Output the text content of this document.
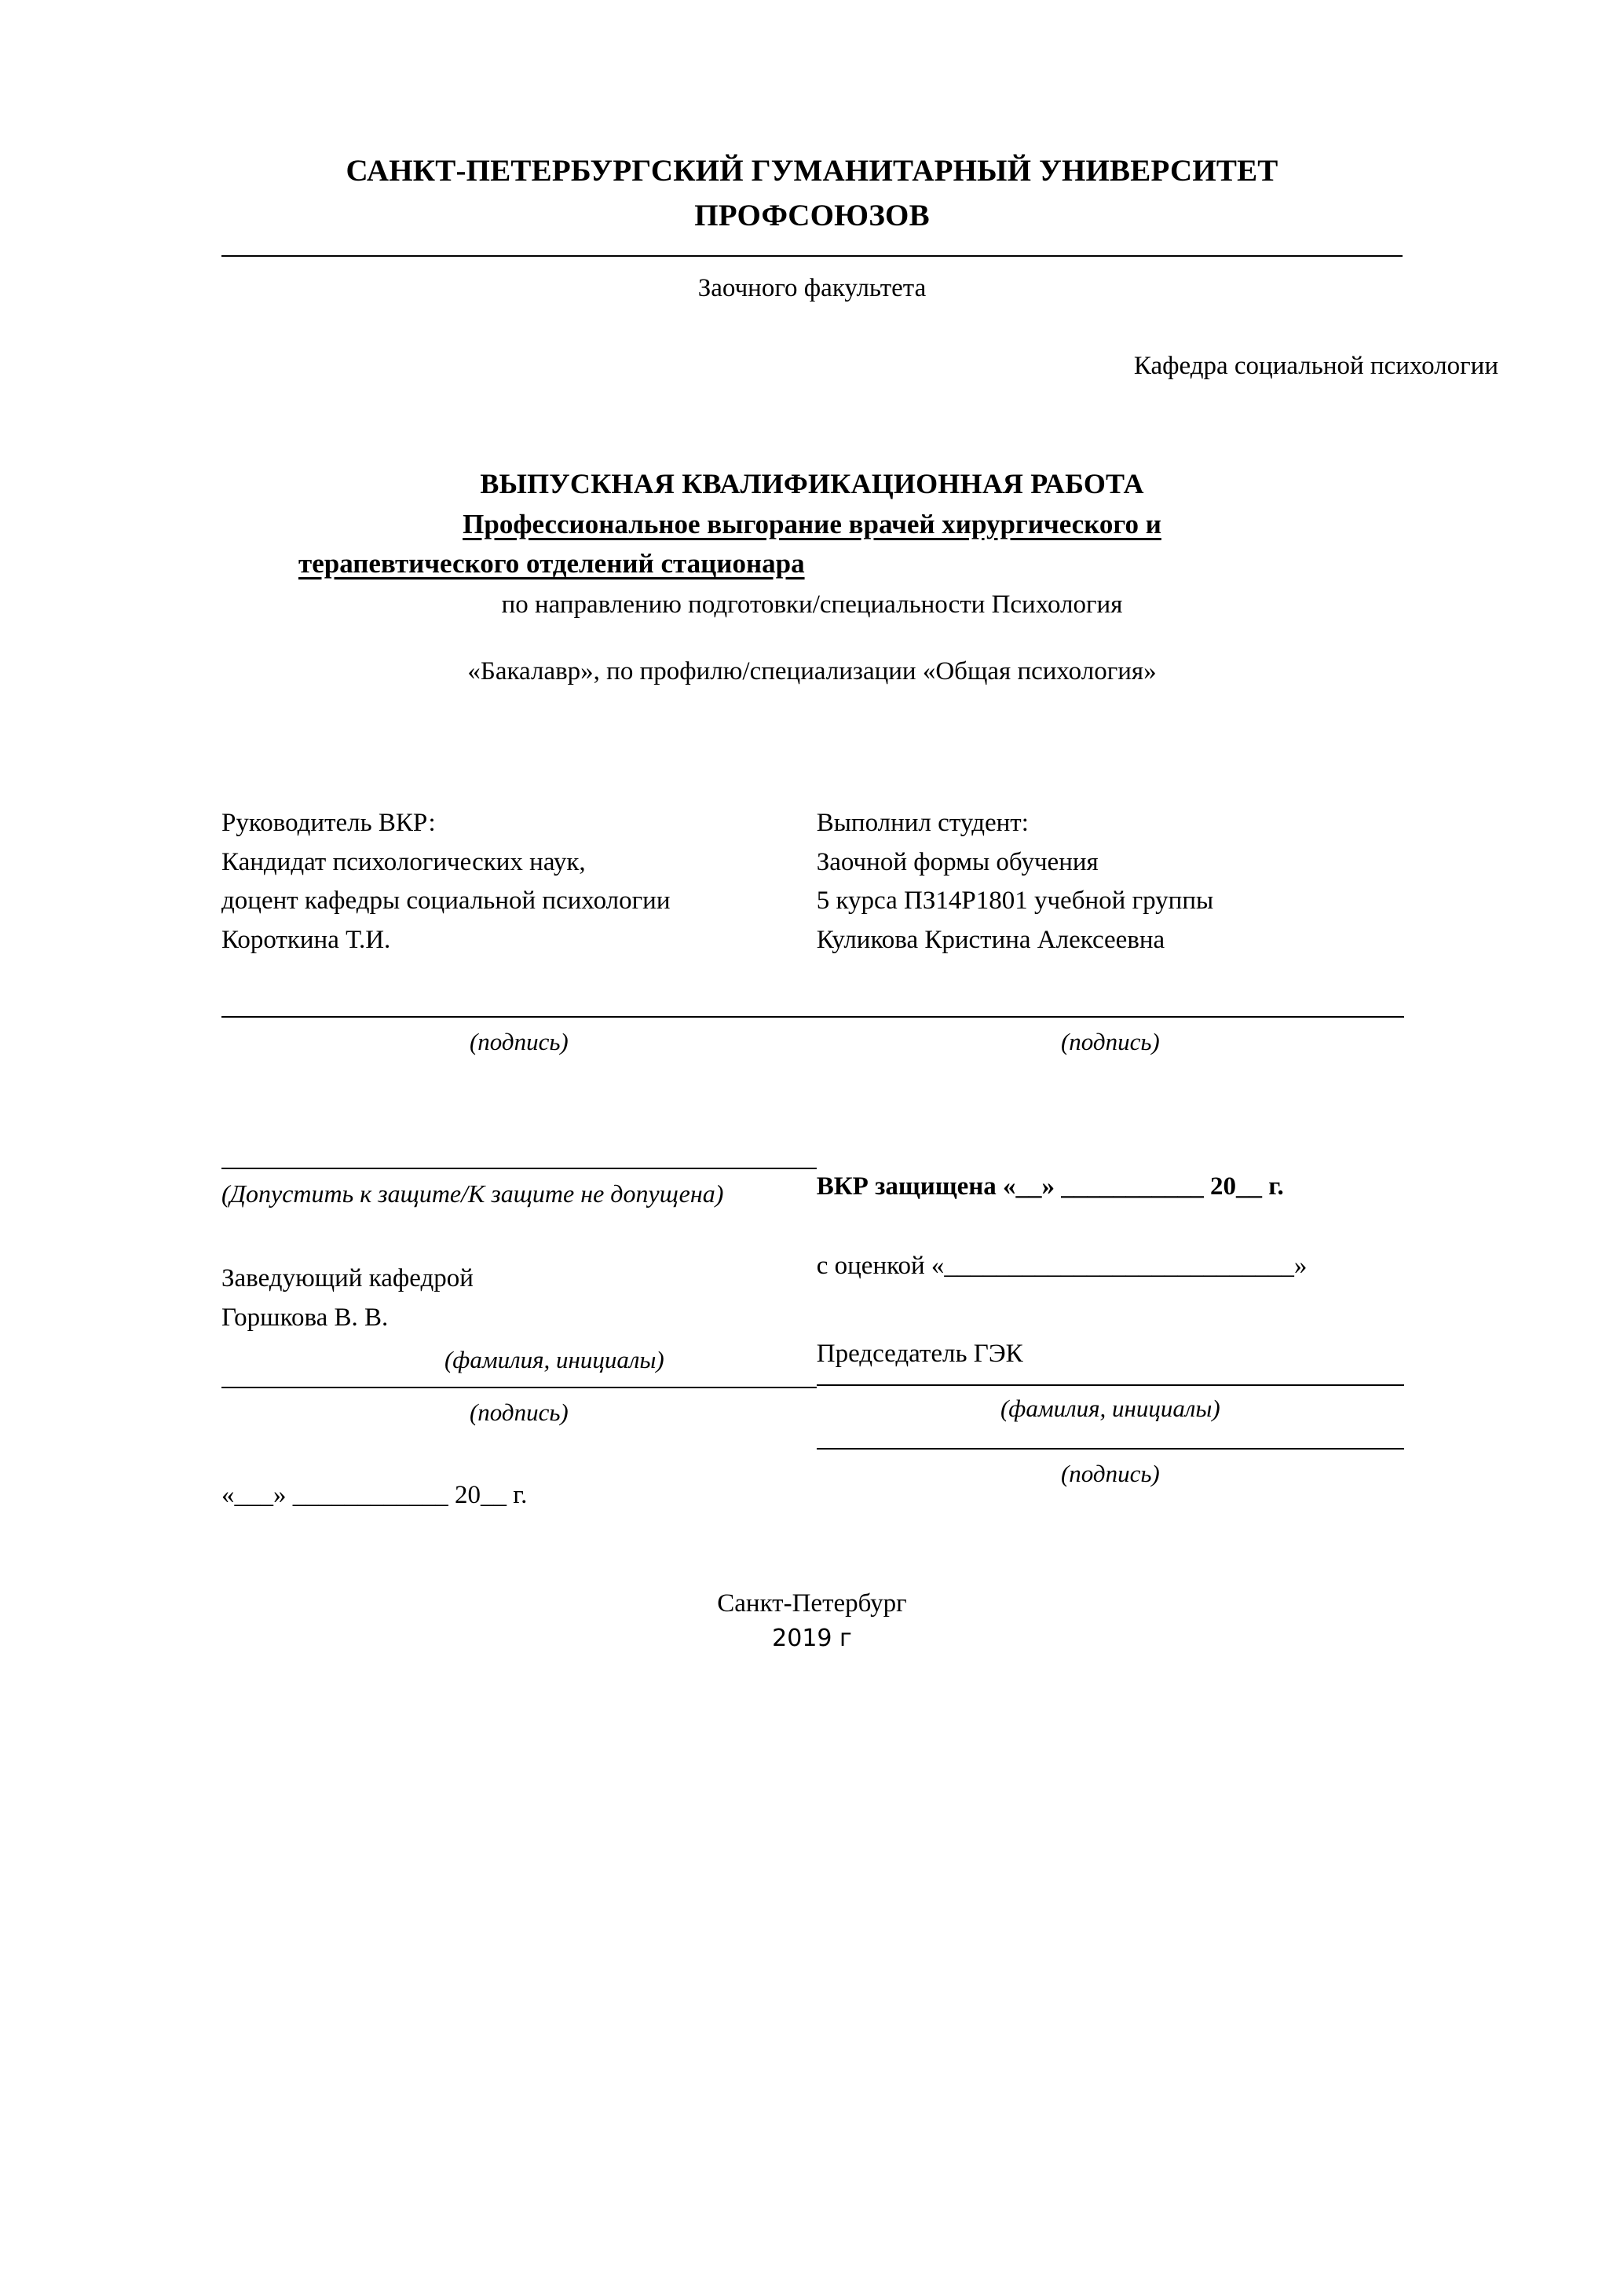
САНКТ-ПЕТЕРБУРГСКИЙ ГУМАНИТАРНЫЙ УНИВЕРСИТЕТ
ПРОФСОЮЗОВ
Заочного факультета
Кафедра социальной психологии
ВЫПУСКНАЯ КВАЛИФИКАЦИОННАЯ РАБОТА
Профессиональное выгорание врачей хирургического и
терапевтического отделений стационара
по направлению подготовки/специальности Психология
«Бакалавр», по профилю/специализации «Общая психология»
Руководитель ВКР:
Кандидат психологических наук,
доцент кафедры социальной психологии
Короткина Т.И.
(подпись)
Выполнил студент:
Заочной формы обучения
5 курса ПЗ14Р1801 учебной группы
Куликова Кристина Алексеевна
(подпись)
(Допустить к защите/К защите не допущена)
Заведующий кафедрой
Горшкова В. В.
(фамилия, инициалы)
(подпись)
«___» ____________ 20__ г.
ВКР защищена «__» ___________ 20__ г.
с оценкой «___________________________»
Председатель ГЭК
(фамилия, инициалы)
(подпись)
Санкт-Петербург
2019 г
